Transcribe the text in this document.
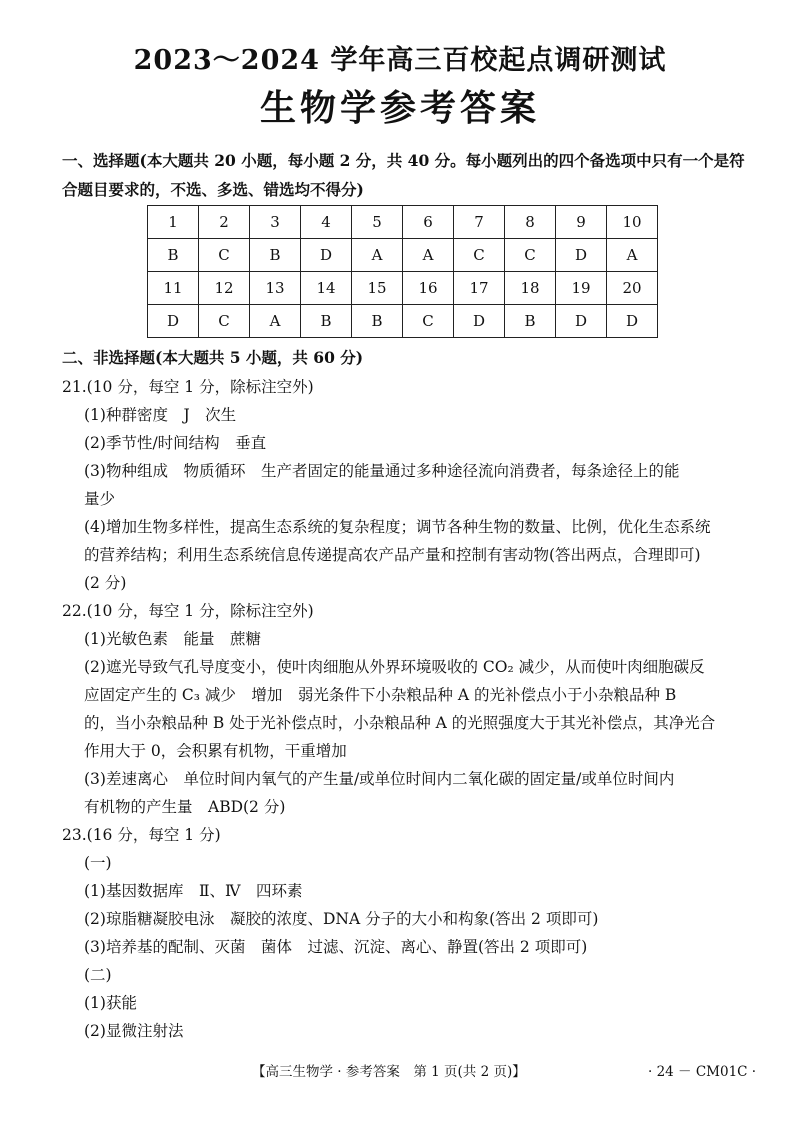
2023～2024 学年高三百校起点调研测试
生物学参考答案
一、选择题(本大题共 20 小题，每小题 2 分，共 40 分。每小题列出的四个备选项中只有一个是符合题目要求的，不选、多选、错选均不得分)
1	2	3	4	5	6	7	8	9	10
B	C	B	D	A	A	C	C	D	A
11	12	13	14	15	16	17	18	19	20
D	C	A	B	B	C	D	B	D	D
二、非选择题(本大题共 5 小题，共 60 分)
21.(10 分，每空 1 分，除标注空外)
(1)种群密度　J　次生
(2)季节性/时间结构　垂直
(3)物种组成　物质循环　生产者固定的能量通过多种途径流向消费者，每条途径上的能
量少
(4)增加生物多样性，提高生态系统的复杂程度；调节各种生物的数量、比例，优化生态系统
的营养结构；利用生态系统信息传递提高农产品产量和控制有害动物(答出两点，合理即可)
(2 分)
22.(10 分，每空 1 分，除标注空外)
(1)光敏色素　能量　蔗糖
(2)遮光导致气孔导度变小，使叶肉细胞从外界环境吸收的 CO₂ 减少，从而使叶肉细胞碳反
应固定产生的 C₃ 减少　增加　弱光条件下小杂粮品种 A 的光补偿点小于小杂粮品种 B
的，当小杂粮品种 B 处于光补偿点时，小杂粮品种 A 的光照强度大于其光补偿点，其净光合
作用大于 0，会积累有机物，干重增加
(3)差速离心　单位时间内氧气的产生量/或单位时间内二氧化碳的固定量/或单位时间内
有机物的产生量　ABD(2 分)
23.(16 分，每空 1 分)
(一)
(1)基因数据库　Ⅱ、Ⅳ　四环素
(2)琼脂糖凝胶电泳　凝胶的浓度、DNA 分子的大小和构象(答出 2 项即可)
(3)培养基的配制、灭菌　菌体　过滤、沉淀、离心、静置(答出 2 项即可)
(二)
(1)获能
(2)显微注射法
【高三生物学 · 参考答案　第 1 页(共 2 页)】	· 24 － CM01C ·
